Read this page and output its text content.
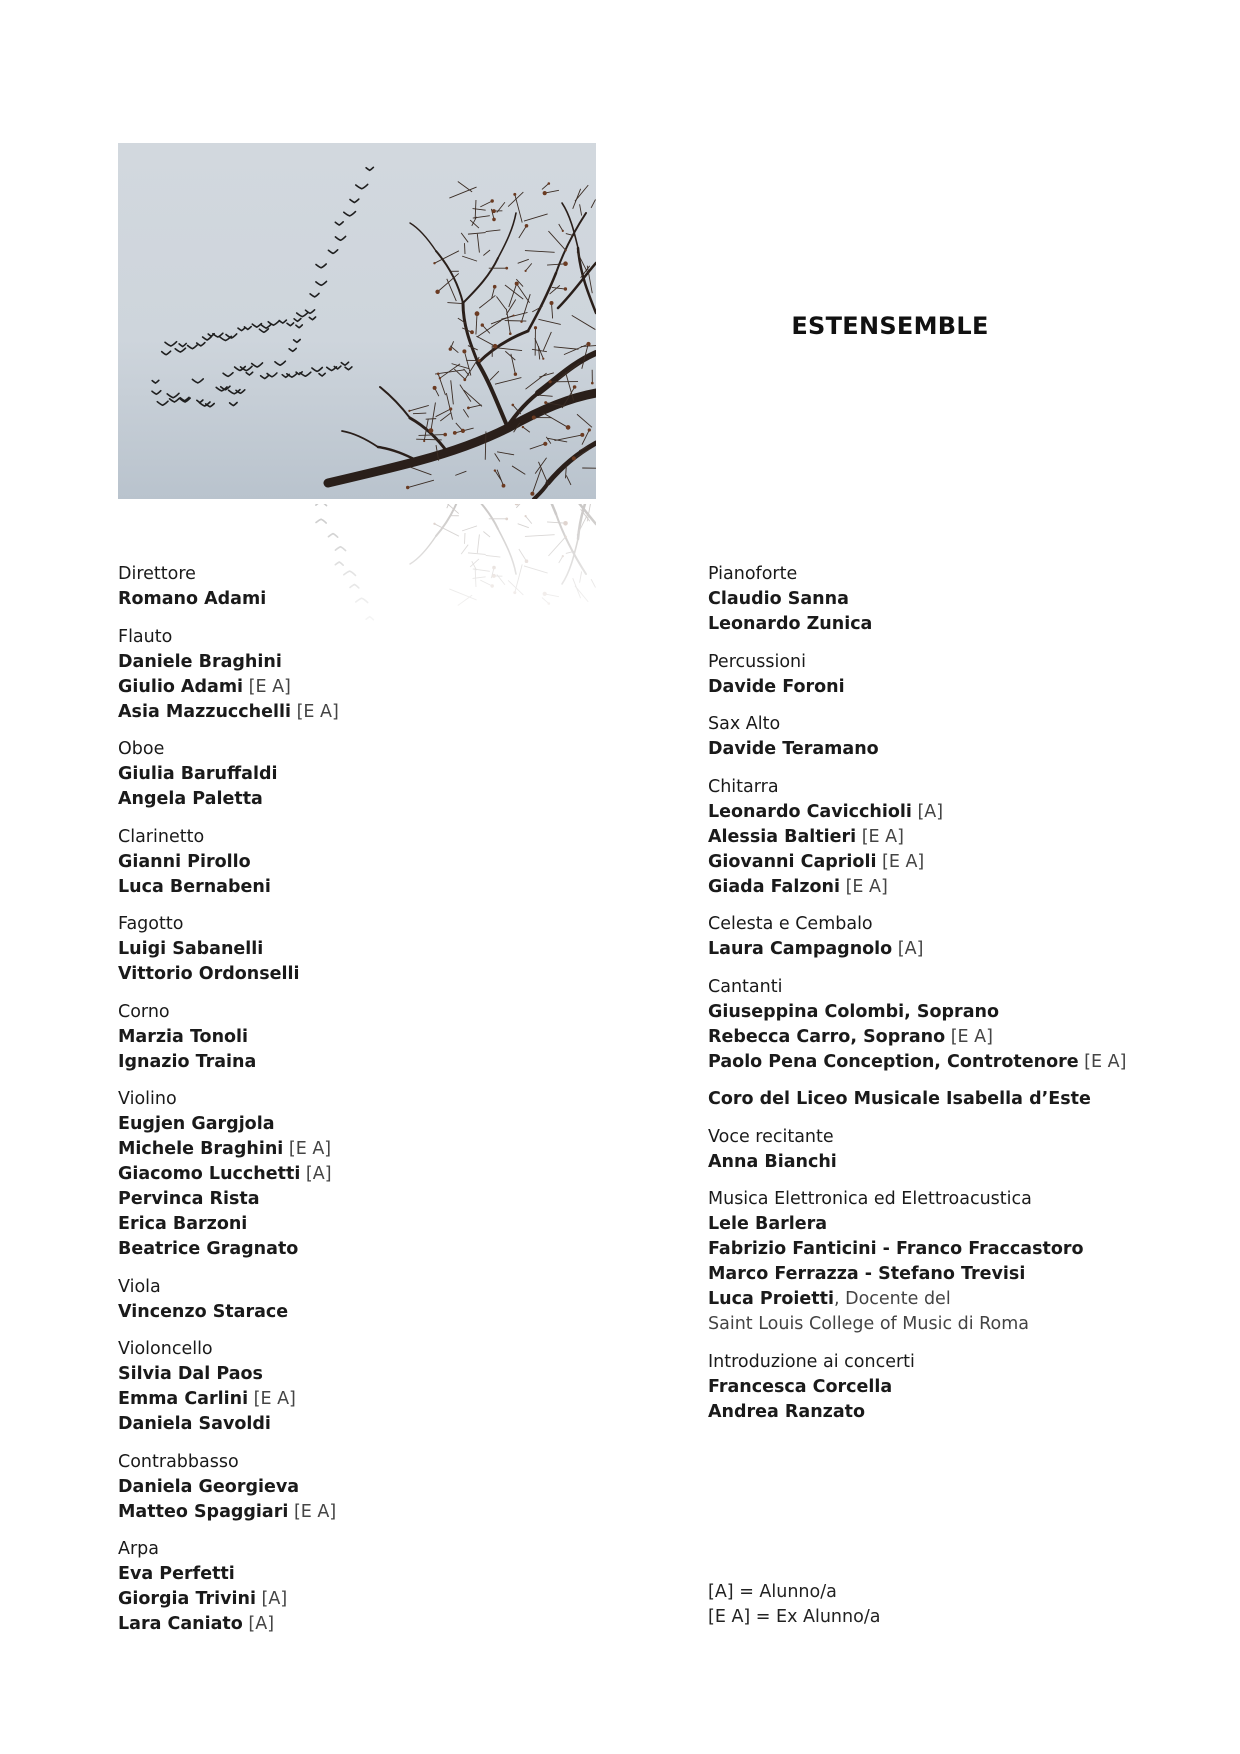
ESTENSEMBLE
Direttore
Romano Adami
Flauto
Daniele Braghini
Giulio Adami [E A]
Asia Mazzucchelli [E A]
Oboe
Giulia Baruffaldi
Angela Paletta
Clarinetto
Gianni Pirollo
Luca Bernabeni
Fagotto
Luigi Sabanelli
Vittorio Ordonselli
Corno
Marzia Tonoli
Ignazio Traina
Violino
Eugjen Gargjola
Michele Braghini [E A]
Giacomo Lucchetti [A]
Pervinca Rista
Erica Barzoni
Beatrice Gragnato
Viola
Vincenzo Starace
Violoncello
Silvia Dal Paos
Emma Carlini [E A]
Daniela Savoldi
Contrabbasso
Daniela Georgieva
Matteo Spaggiari [E A]
Arpa
Eva Perfetti
Giorgia Trivini [A]
Lara Caniato [A]
Pianoforte
Claudio Sanna
Leonardo Zunica
Percussioni
Davide Foroni
Sax Alto
Davide Teramano
Chitarra
Leonardo Cavicchioli [A]
Alessia Baltieri [E A]
Giovanni Caprioli [E A]
Giada Falzoni [E A]
Celesta e Cembalo
Laura Campagnolo [A]
Cantanti
Giuseppina Colombi, Soprano
Rebecca Carro, Soprano [E A]
Paolo Pena Conception, Controtenore [E A]
Coro del Liceo Musicale Isabella d’Este
Voce recitante
Anna Bianchi
Musica Elettronica ed Elettroacustica
Lele Barlera
Fabrizio Fanticini - Franco Fraccastoro
Marco Ferrazza - Stefano Trevisi
Luca Proietti, Docente del
Saint Louis College of Music di Roma
Introduzione ai concerti
Francesca Corcella
Andrea Ranzato
[A] = Alunno/a
[E A] = Ex Alunno/a
